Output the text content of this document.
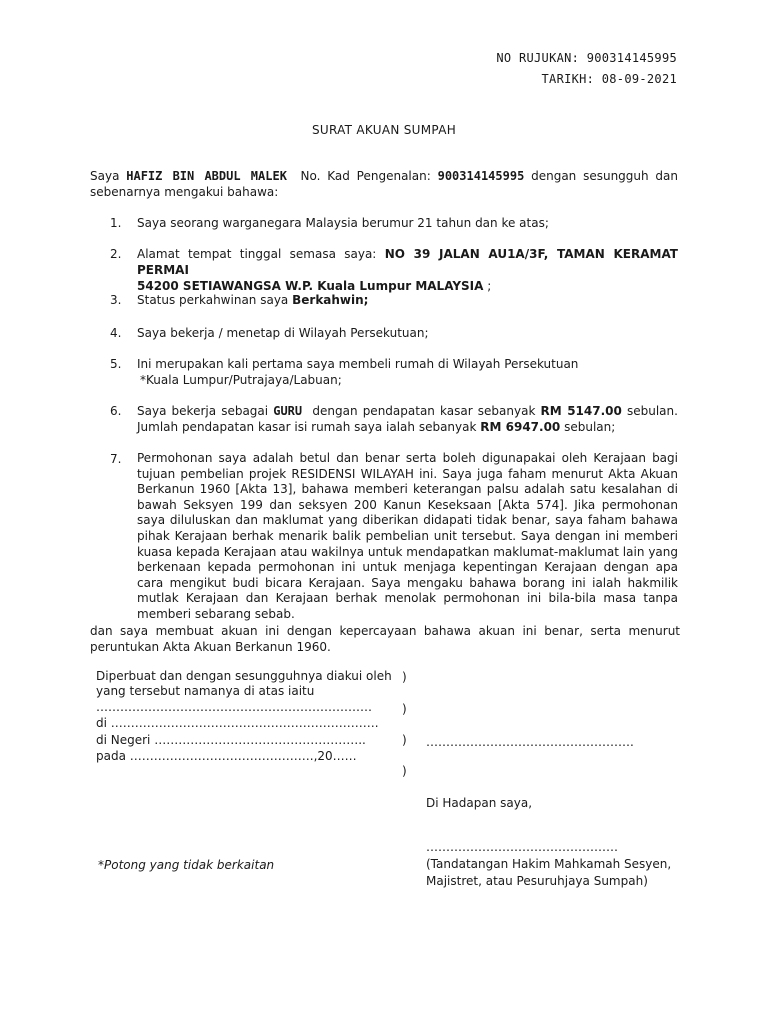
NO RUJUKAN: 900314145995
TARIKH: 08-09-2021
SURAT AKUAN SUMPAH
Saya HAFIZ BIN ABDUL MALEK No. Kad Pengenalan: 900314145995 dengan sesungguh dan sebenarnya mengakui bahawa:
1.	Saya seorang warganegara Malaysia berumur 21 tahun dan ke atas;
2.	Alamat tempat tinggal semasa saya: NO 39 JALAN AU1A/3F, TAMAN KERAMAT PERMAI
54200 SETIAWANGSA W.P. Kuala Lumpur MALAYSIA ;
3.	Status perkahwinan saya Berkahwin;
4.	Saya bekerja / menetap di Wilayah Persekutuan;
5.	Ini merupakan kali pertama saya membeli rumah di Wilayah Persekutuan
*Kuala Lumpur/Putrajaya/Labuan;
6.	Saya bekerja sebagai GURU dengan pendapatan kasar sebanyak RM 5147.00 sebulan. Jumlah pendapatan kasar isi rumah saya ialah sebanyak RM 6947.00 sebulan;
7.	Permohonan saya adalah betul dan benar serta boleh digunapakai oleh Kerajaan bagi tujuan pembelian projek RESIDENSI WILAYAH ini. Saya juga faham menurut Akta Akuan Berkanun 1960 [Akta 13], bahawa memberi keterangan palsu adalah satu kesalahan di bawah Seksyen 199 dan seksyen 200 Kanun Keseksaan [Akta 574]. Jika permohonan saya diluluskan dan maklumat yang diberikan didapati tidak benar, saya faham bahawa pihak Kerajaan berhak menarik balik pembelian unit tersebut. Saya dengan ini memberi kuasa kepada Kerajaan atau wakilnya untuk mendapatkan maklumat-maklumat lain yang berkenaan kepada permohonan ini untuk menjaga kepentingan Kerajaan dengan apa cara mengikut budi bicara Kerajaan. Saya mengaku bahawa borang ini ialah hakmilik mutlak Kerajaan dan Kerajaan berhak menolak permohonan ini bila-bila masa tanpa memberi sebarang sebab.
dan saya membuat akuan ini dengan kepercayaan bahawa akuan ini benar, serta menurut peruntukan Akta Akuan Berkanun 1960.
Diperbuat dan dengan sesungguhnya diakui oleh
yang tersebut namanya di atas iaitu
……………………………………………………………
di ………………………………………………………….
di Negeri ……………………………………………..
pada ……………………………………….,20……
)
)
)
)
…………………………………………….
Di Hadapan saya,
…………………………………………
(Tandatangan Hakim Mahkamah Sesyen,
Majistret, atau Pesuruhjaya Sumpah)
*Potong yang tidak berkaitan
